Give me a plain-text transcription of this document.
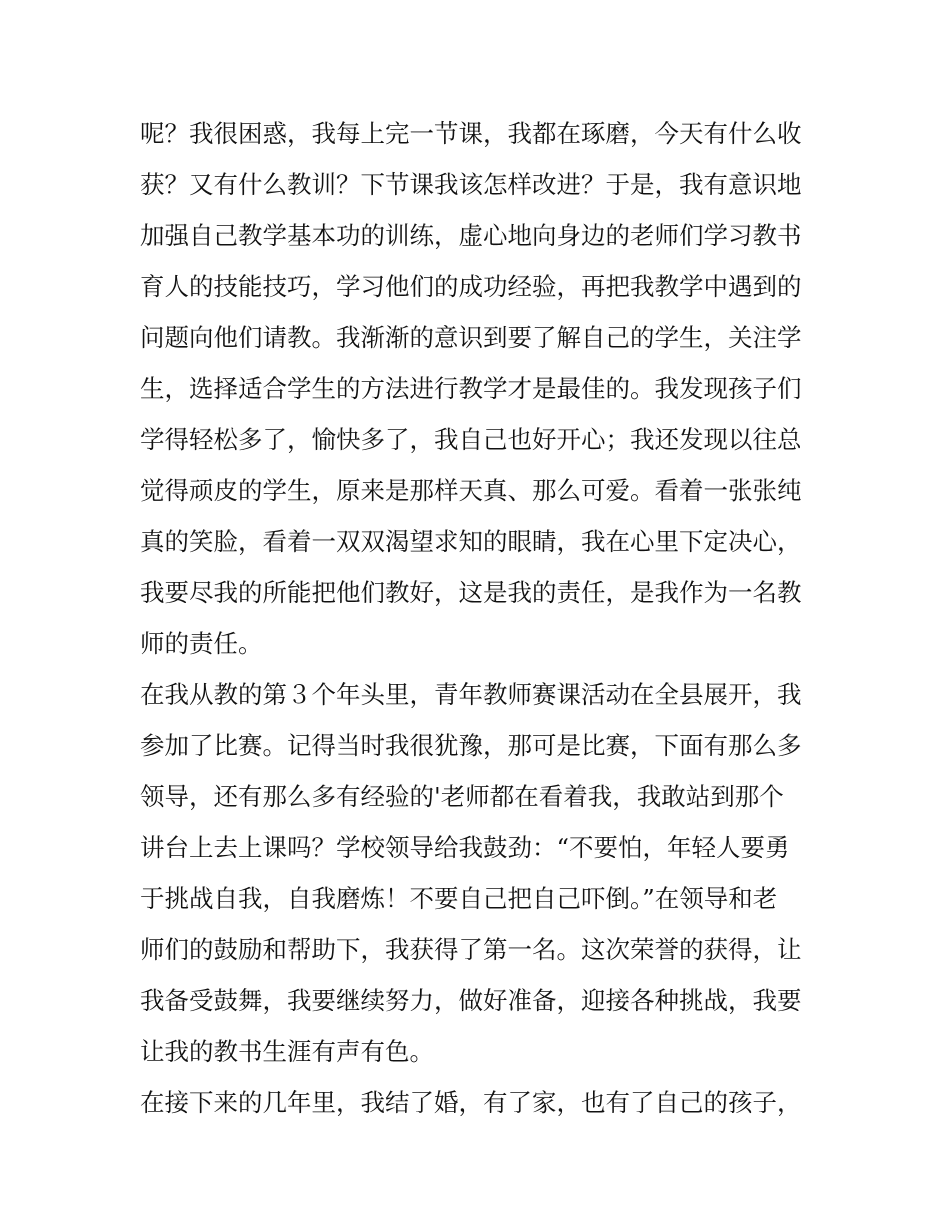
呢？我很困惑，我每上完一节课，我都在琢磨，今天有什么收
获？又有什么教训？下节课我该怎样改进？于是，我有意识地
加强自己教学基本功的训练，虚心地向身边的老师们学习教书
育人的技能技巧，学习他们的成功经验，再把我教学中遇到的
问题向他们请教。我渐渐的意识到要了解自己的学生，关注学
生，选择适合学生的方法进行教学才是最佳的。我发现孩子们
学得轻松多了，愉快多了，我自己也好开心；我还发现以往总
觉得顽皮的学生，原来是那样天真、那么可爱。看着一张张纯
真的笑脸，看着一双双渴望求知的眼睛，我在心里下定决心，
我要尽我的所能把他们教好，这是我的责任，是我作为一名教
师的责任。
在我从教的第３个年头里，青年教师赛课活动在全县展开，我
参加了比赛。记得当时我很犹豫，那可是比赛，下面有那么多
领导，还有那么多有经验的'老师都在看着我，我敢站到那个
讲台上去上课吗？学校领导给我鼓劲：“不要怕，年轻人要勇
于挑战自我，自我磨炼！不要自己把自己吓倒。”在领导和老
师们的鼓励和帮助下，我获得了第一名。这次荣誉的获得，让
我备受鼓舞，我要继续努力，做好准备，迎接各种挑战，我要
让我的教书生涯有声有色。
在接下来的几年里，我结了婚，有了家，也有了自己的孩子，
